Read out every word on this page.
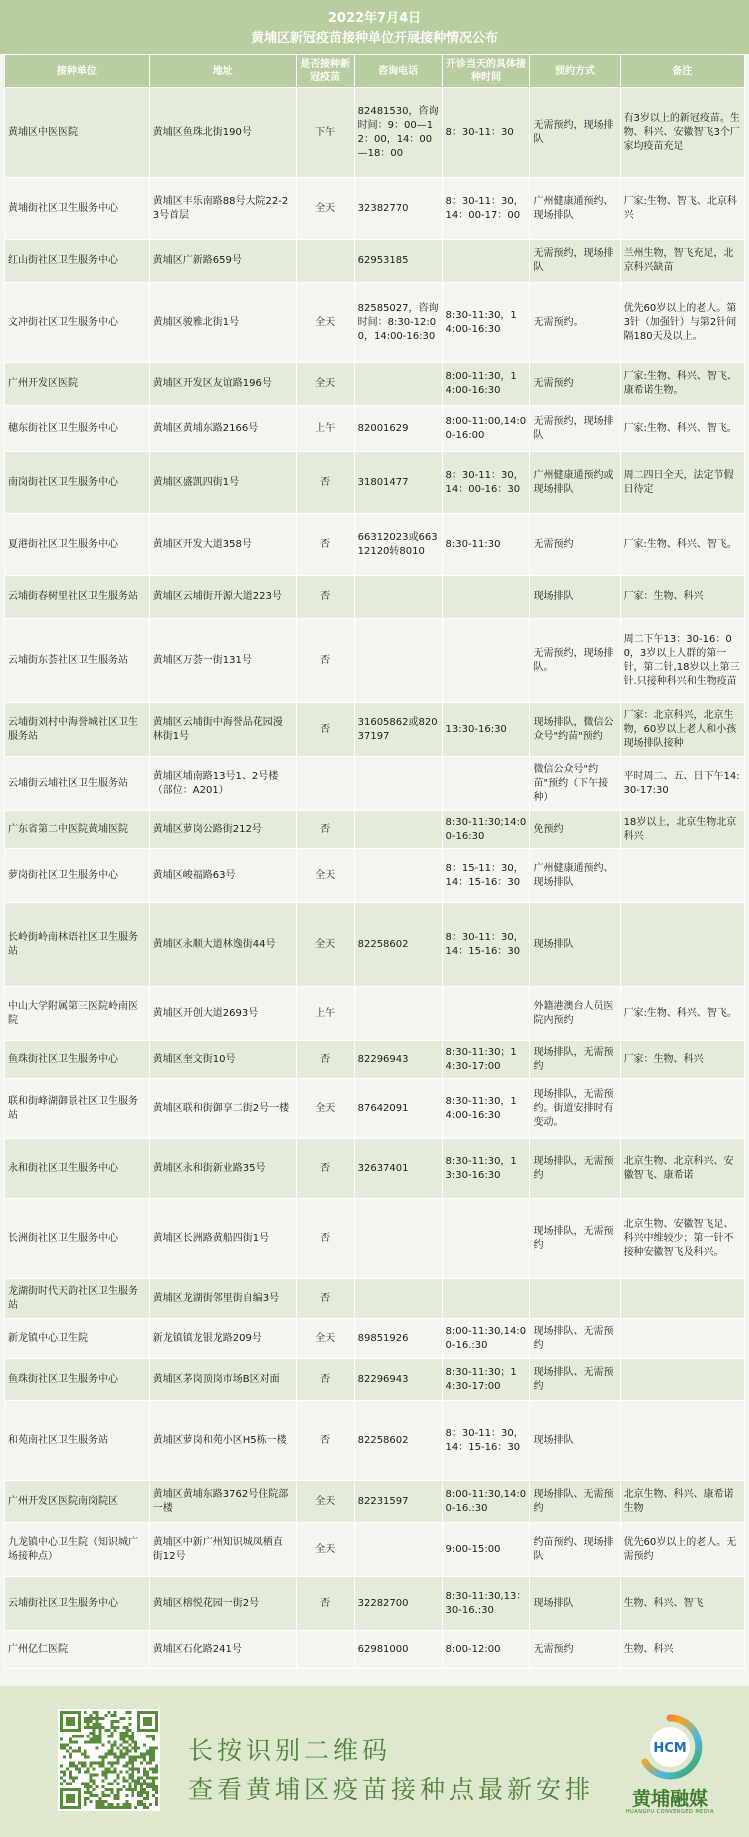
2022年7月4日
黄埔区新冠疫苗接种单位开展接种情况公布
接种单位	地址	是否接种新冠疫苗	咨询电话	开诊当天的具体接种时间	预约方式	备注
黄埔区中医医院	黄埔区鱼珠北街190号	下午	82481530，咨询时间：9：00—12：00，14：00—18：00	8：30-11：30	无需预约，现场排队	有3岁以上的新冠疫苗。生物、科兴、安徽智飞3个厂家均疫苗充足
黄埔街社区卫生服务中心	黄埔区丰乐南路88号大院22-23号首层	全天	32382770	8：30-11：30，14：00-17：00	广州健康通预约、现场排队	厂家:生物、智飞、北京科兴
红山街社区卫生服务中心	黄埔区广新路659号		62953185		无需预约，现场排队	兰州生物，智飞充足，北京科兴缺苗
文冲街社区卫生服务中心	黄埔区骏雅北街1号	全天	82585027，咨询时间：8:30-12:00，14:00-16:30	8:30-11:30，14:00-16:30	无需预约。	优先60岁以上的老人。第3针（加强针）与第2针间隔180天及以上。
广州开发区医院	黄埔区开发区友谊路196号	全天		8:00-11:30，14:00-16:30	无需预约	厂家:生物、科兴、智飞、康希诺生物。
穗东街社区卫生服务中心	黄埔区黄埔东路2166号	上午	82001629	8:00-11:00,14:00-16:00	无需预约，现场排队	厂家:生物、科兴、智飞。
南岗街社区卫生服务中心	黄埔区盛凯四街1号	否	31801477	8：30-11：30，14：00-16：30	广州健康通预约或现场排队	周二四日全天，法定节假日待定
夏港街社区卫生服务中心	黄埔区开发大道358号	否	66312023或66312120转8010	8:30-11:30	无需预约	厂家:生物、科兴、智飞。
云埔街春树里社区卫生服务站	黄埔区云埔街开源大道223号	否			现场排队	厂家：生物、科兴
云埔街东荟社区卫生服务站	黄埔区万荟一街131号	否			无需预约，现场排队。	周二下午13：30-16：00，3岁以上人群的第一针，第二针,18岁以上第三针.只接种科兴和生物疫苗
云埔街刘村中海誉城社区卫生服务站	黄埔区云埔街中海誉品花园漫林街1号	否	31605862或82037197	13:30-16:30	现场排队，微信公众号"约苗"预约	厂家：北京科兴，北京生物，60岁以上老人和小孩现场排队接种
云埔街云埔社区卫生服务站	黄埔区埔南路13号1、2号楼（部位：A201）				微信公众号"约苗"预约（下午接种）	平时周二、五、日下午14:30-17:30
广东省第二中医院黄埔医院	黄埔区萝岗公路街212号	否		8:30-11:30;14:00-16:30	免预约	18岁以上，北京生物北京科兴
萝岗街社区卫生服务中心	黄埔区峻福路63号	全天		8：15-11：30，14：15-16：30	广州健康通预约、现场排队	
长岭街岭南林语社区卫生服务站	黄埔区永顺大道林逸街44号	全天	82258602	8：30-11：30，14：15-16：30	现场排队	
中山大学附属第三医院岭南医院	黄埔区开创大道2693号	上午			外籍港澳台人员医院内预约	厂家:生物、科兴、智飞。
鱼珠街社区卫生服务中心	黄埔区奎文街10号	否	82296943	8:30-11:30；14:30-17:00	现场排队，无需预约	厂家：生物、科兴
联和街峰湖御景社区卫生服务站	黄埔区联和街御享二街2号一楼	全天	87642091	8:30-11:30，14:00-16:30	现场排队，无需预约。街道安排时有变动。	
永和街社区卫生服务中心	黄埔区永和街新业路35号	否	32637401	8:30-11:30，13:30-16:30	现场排队，无需预约	北京生物、北京科兴、安徽智飞、康希诺
长洲街社区卫生服务中心	黄埔区长洲路黄船四街1号	否			现场排队，无需预约	北京生物、安徽智飞足、科兴中维较少；第一针不接种安徽智飞及科兴。
龙湖街时代天韵社区卫生服务站	黄埔区龙湖街邻里街自编3号	否				
新龙镇中心卫生院	新龙镇镇龙银龙路209号	全天	89851926	8:00-11:30,14:00-16.:30	现场排队、无需预约	
鱼珠街社区卫生服务中心	黄埔区茅岗顶岗市场B区对面	否	82296943	8:30-11:30；14:30-17:00	现场排队、无需预约	
和苑南社区卫生服务站	黄埔区萝岗和苑小区H5栋一楼	否	82258602	8：30-11：30，14：15-16：30	现场排队	
广州开发区医院南岗院区	黄埔区黄埔东路3762号住院部一楼	全天	82231597	8:00-11:30,14:00-16.:30	现场排队、无需预约	北京生物、科兴、康希诺生物
九龙镇中心卫生院（知识城广场接种点）	黄埔区中新广州知识城凤栖直街12号	全天		9:00-15:00	约苗预约、现场排队	优先60岁以上的老人。无需预约
云埔街社区卫生服务中心	黄埔区榕悦花园一街2号	否	32282700	8:30-11:30,13：30-16.:30	现场排队	生物、科兴、智飞
广州亿仁医院	黄埔区石化路241号		62981000	8:00-12:00	无需预约	生物、科兴
长按识别二维码
查看黄埔区疫苗接种点最新安排
HCM
黄埔融媒
HUANGPU CONVERGED MEDIA
